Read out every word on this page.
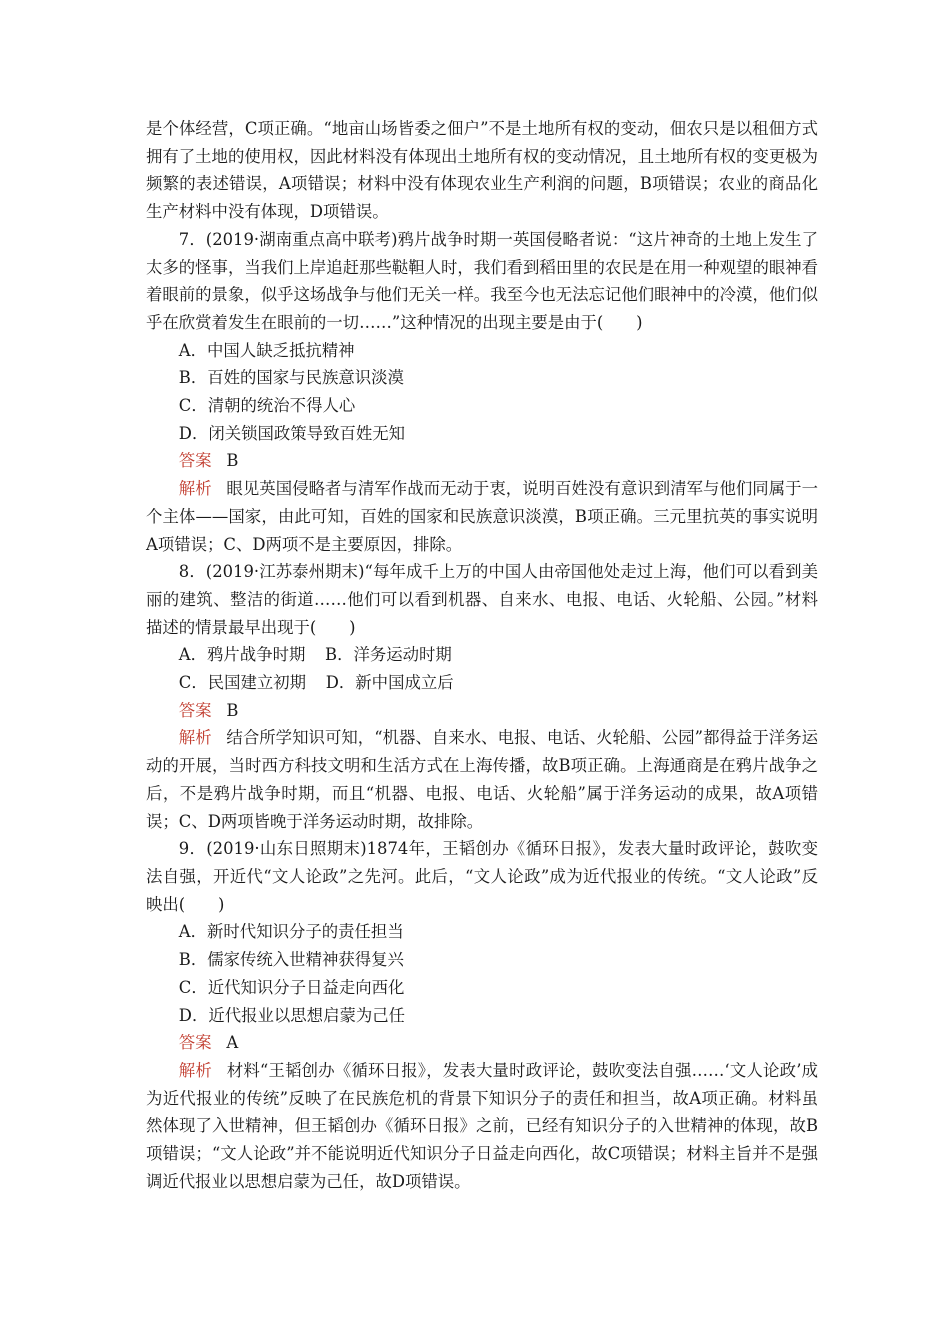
是个体经营，C项正确。“地亩山场皆委之佃户”不是土地所有权的变动，佃农只是以租佃方式拥有了土地的使用权，因此材料没有体现出土地所有权的变动情况，且土地所有权的变更极为频繁的表述错误，A项错误；材料中没有体现农业生产利润的问题，B项错误；农业的商品化生产材料中没有体现，D项错误。

7．(2019·湖南重点高中联考)鸦片战争时期一英国侵略者说：“这片神奇的土地上发生了太多的怪事，当我们上岸追赶那些鞑靼人时，我们看到稻田里的农民是在用一种观望的眼神看着眼前的景象，似乎这场战争与他们无关一样。我至今也无法忘记他们眼神中的冷漠，他们似乎在欣赏着发生在眼前的一切……”这种情况的出现主要是由于(　　)

A．中国人缺乏抵抗精神

B．百姓的国家与民族意识淡漠

C．清朝的统治不得人心

D．闭关锁国政策导致百姓无知

答案 B

解析 眼见英国侵略者与清军作战而无动于衷，说明百姓没有意识到清军与他们同属于一个主体——国家，由此可知，百姓的国家和民族意识淡漠，B项正确。三元里抗英的事实说明A项错误；C、D两项不是主要原因，排除。

8．(2019·江苏泰州期末)“每年成千上万的中国人由帝国他处走过上海，他们可以看到美丽的建筑、整洁的街道……他们可以看到机器、自来水、电报、电话、火轮船、公园。”材料描述的情景最早出现于(　　)

A．鸦片战争时期 B．洋务运动时期

C．民国建立初期 D．新中国成立后

答案 B

解析 结合所学知识可知，“机器、自来水、电报、电话、火轮船、公园”都得益于洋务运动的开展，当时西方科技文明和生活方式在上海传播，故B项正确。上海通商是在鸦片战争之后，不是鸦片战争时期，而且“机器、电报、电话、火轮船”属于洋务运动的成果，故A项错误；C、D两项皆晚于洋务运动时期，故排除。

9．(2019·山东日照期末)1874年，王韬创办《循环日报》，发表大量时政评论，鼓吹变法自强，开近代“文人论政”之先河。此后，“文人论政”成为近代报业的传统。“文人论政”反映出(　　)

A．新时代知识分子的责任担当

B．儒家传统入世精神获得复兴

C．近代知识分子日益走向西化

D．近代报业以思想启蒙为己任

答案 A

解析 材料“王韬创办《循环日报》，发表大量时政评论，鼓吹变法自强……‘文人论政’成为近代报业的传统”反映了在民族危机的背景下知识分子的责任和担当，故A项正确。材料虽然体现了入世精神，但王韬创办《循环日报》之前，已经有知识分子的入世精神的体现，故B项错误；“文人论政”并不能说明近代知识分子日益走向西化，故C项错误；材料主旨并不是强调近代报业以思想启蒙为己任，故D项错误。
